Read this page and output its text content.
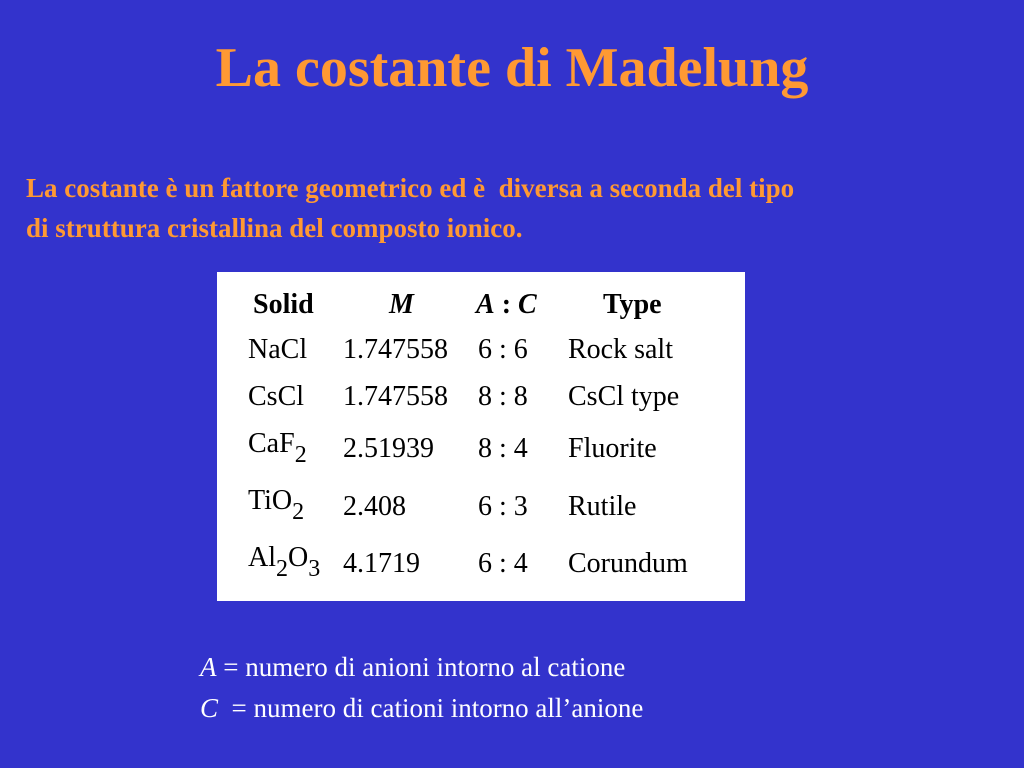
La costante di Madelung
La costante è un fattore geometrico ed è  diversa a seconda del tipo
di struttura cristallina del composto ionico.
Solid	M A : C Type
NaCl 1.747558 6 : 6 Rock salt
CsCl 1.747558 8 : 8 CsCl type
CaF2 2.51939 8 : 4 Fluorite
TiO2 2.408	6 : 3 Rutile
Al2O3 4.1719 6 : 4 Corundum
A = numero di anioni intorno al catione
C  = numero di cationi intorno all’anione
